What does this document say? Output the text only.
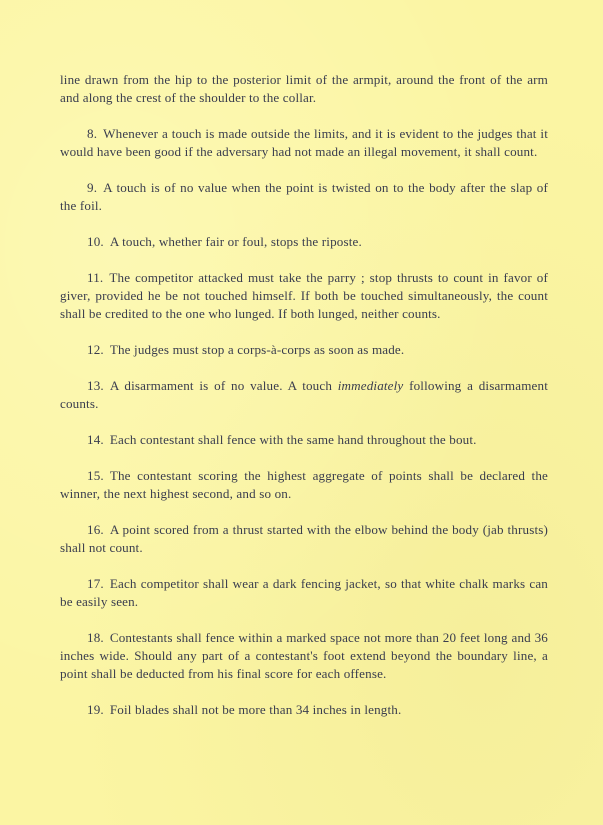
line drawn from the hip to the posterior limit of the armpit, around the front of the arm and along the crest of the shoulder to the collar.

8. Whenever a touch is made outside the limits, and it is evident to the judges that it would have been good if the adversary had not made an illegal movement, it shall count.

9. A touch is of no value when the point is twisted on to the body after the slap of the foil.

10. A touch, whether fair or foul, stops the riposte.

11. The competitor attacked must take the parry ; stop thrusts to count in favor of giver, provided he be not touched himself. If both be touched simultaneously, the count shall be credited to the one who lunged. If both lunged, neither counts.

12. The judges must stop a corps-à-corps as soon as made.

13. A disarmament is of no value. A touch immediately following a disarmament counts.

14. Each contestant shall fence with the same hand throughout the bout.

15. The contestant scoring the highest aggregate of points shall be declared the winner, the next highest second, and so on.

16. A point scored from a thrust started with the elbow behind the body (jab thrusts) shall not count.

17. Each competitor shall wear a dark fencing jacket, so that white chalk marks can be easily seen.

18. Contestants shall fence within a marked space not more than 20 feet long and 36 inches wide. Should any part of a contestant's foot extend beyond the boundary line, a point shall be deducted from his final score for each offense.

19. Foil blades shall not be more than 34 inches in length.
